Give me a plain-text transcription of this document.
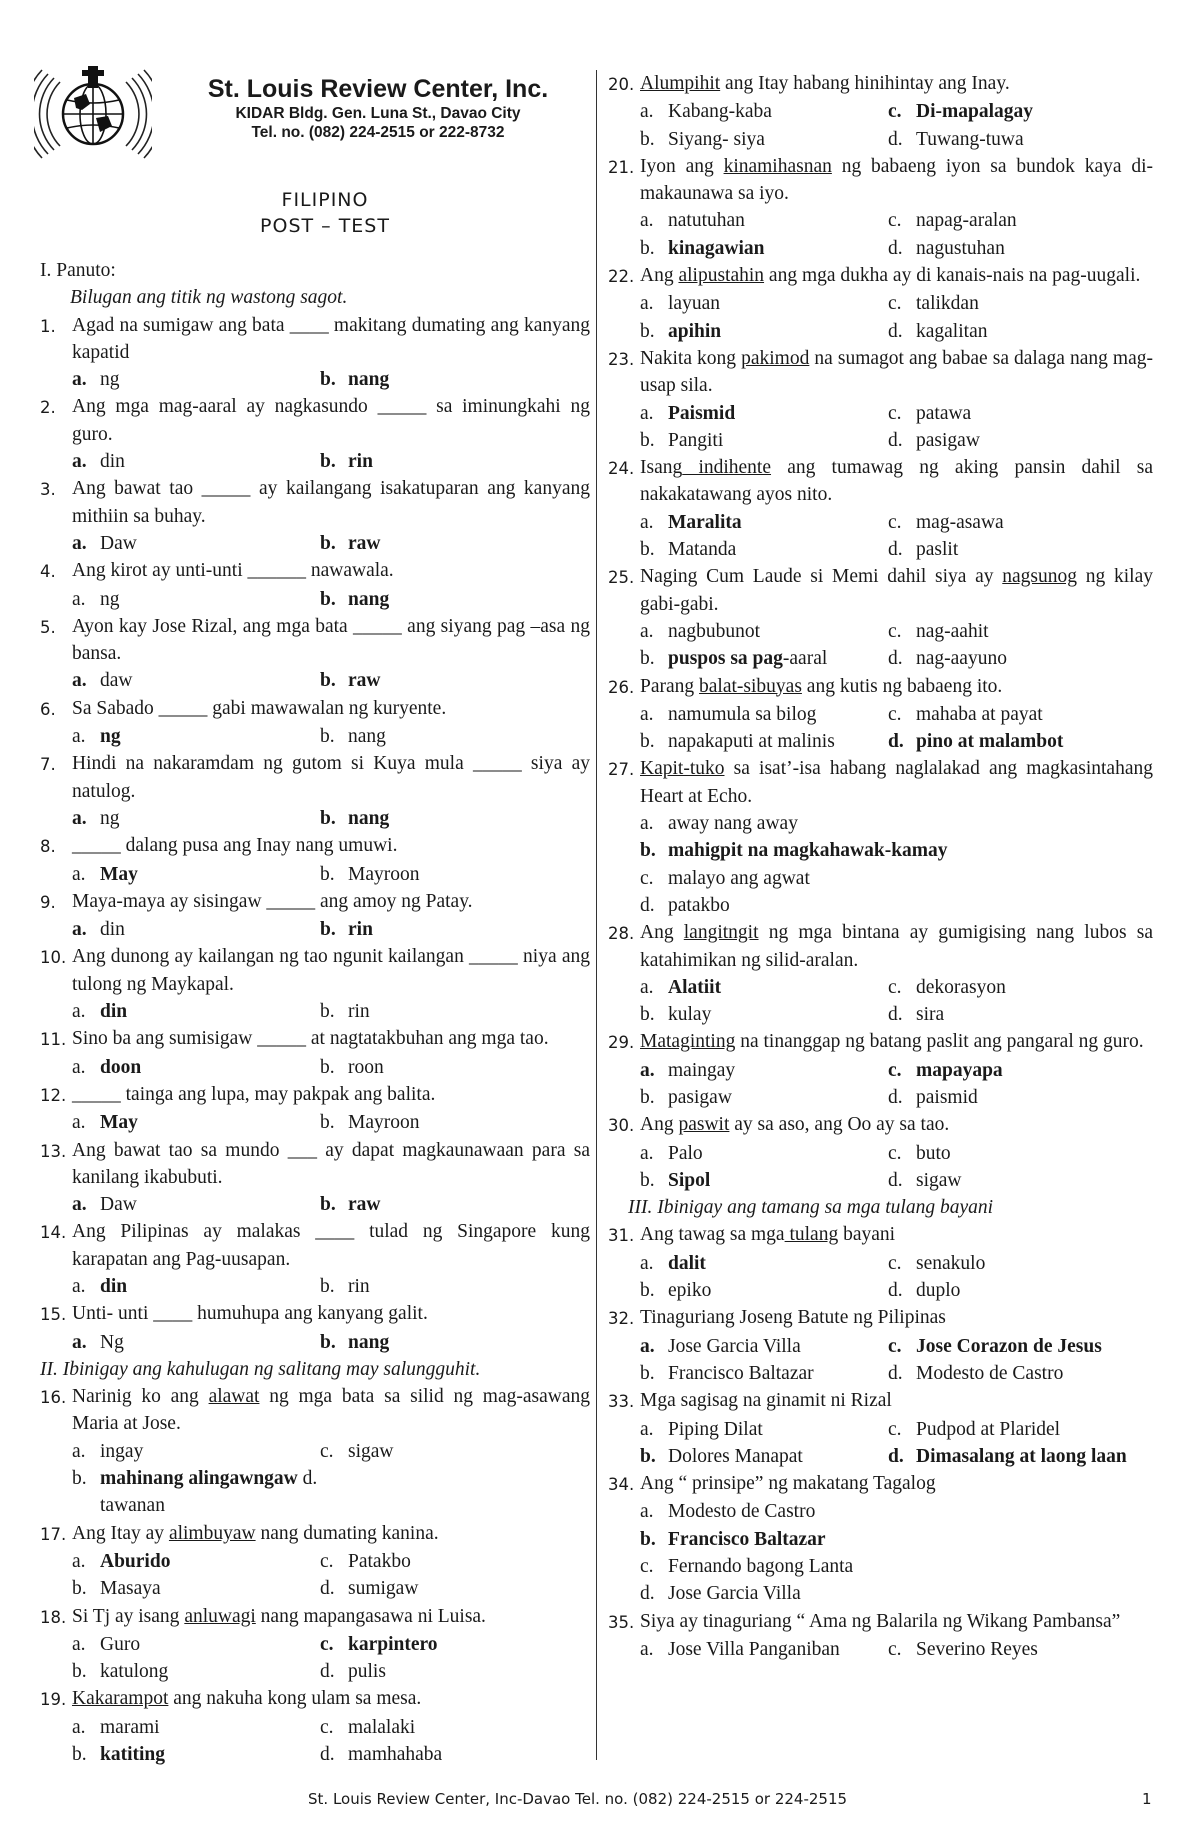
St. Louis Review Center, Inc.
KIDAR Bldg. Gen. Luna St., Davao City
Tel. no. (082) 224-2515 or 222-8732
FILIPINO
POST – TEST
I. Panuto:
Bilugan ang titik ng wastong sagot.
1. Agad na sumigaw ang bata ____ makitang dumating ang kanyang kapatid
a. ng	b. nang
2. Ang mga mag-aaral ay nagkasundo _____ sa iminungkahi ng guro.
a. din	b. rin
3. Ang bawat tao _____ ay kailangang isakatuparan ang kanyang mithiin sa buhay.
a. Daw	b. raw
4. Ang kirot ay unti-unti ______ nawawala.
a. ng	b. nang
5. Ayon kay Jose Rizal, ang mga bata _____ ang siyang pag –asa ng bansa.
a. daw	b. raw
6. Sa Sabado _____ gabi mawawalan ng kuryente.
a. ng	b. nang
7. Hindi na nakaramdam ng gutom si Kuya mula _____ siya ay natulog.
a. ng	b. nang
8. _____ dalang pusa ang Inay nang umuwi.
a. May	b. Mayroon
9. Maya-maya ay sisingaw _____ ang amoy ng Patay.
a. din	b. rin
10. Ang dunong ay kailangan ng tao ngunit kailangan _____ niya ang tulong ng Maykapal.
a. din	b. rin
11. Sino ba ang sumisigaw _____ at nagtatakbuhan ang mga tao.
a. doon	b. roon
12. _____ tainga ang lupa, may pakpak ang balita.
a. May	b. Mayroon
13. Ang bawat tao sa mundo ___ ay dapat magkaunawaan para sa kanilang ikabubuti.
a. Daw	b. raw
14. Ang Pilipinas ay malakas ____ tulad ng Singapore kung karapatan ang Pag-uusapan.
a. din	b. rin
15. Unti- unti ____ humuhupa ang kanyang galit.
a. Ng	b. nang
II. Ibinigay ang kahulugan ng salitang may salungguhit.
16. Narinig ko ang alawat ng mga bata sa silid ng mag-asawang Maria at Jose.
a. ingay	c. sigaw
b. mahinang alingawngaw d. tawanan
17. Ang Itay ay alimbuyaw nang dumating kanina.
a. Aburido	c. Patakbo
b. Masaya	d. sumigaw
18. Si Tj ay isang anluwagi nang mapangasawa ni Luisa.
a. Guro	c. karpintero
b. katulong	d. pulis
19. Kakarampot ang nakuha kong ulam sa mesa.
a. marami	c. malalaki
b. katiting	d. mamhahaba
20. Alumpihit ang Itay habang hinihintay ang Inay.
a. Kabang-kaba	c. Di-mapalagay
b. Siyang- siya	d. Tuwang-tuwa
21. Iyon ang kinamihasnan ng babaeng iyon sa bundok kaya di-makaunawa sa iyo.
a. natutuhan	c. napag-aralan
b. kinagawian	d. nagustuhan
22. Ang alipustahin ang mga dukha ay di kanais-nais na pag-uugali.
a. layuan	c. talikdan
b. apihin	d. kagalitan
23. Nakita kong pakimod na sumagot ang babae sa dalaga nang mag-usap sila.
a. Paismid	c. patawa
b. Pangiti	d. pasigaw
24. Isang indihente ang tumawag ng aking pansin dahil sa nakakatawang ayos nito.
a. Maralita	c. mag-asawa
b. Matanda	d. paslit
25. Naging Cum Laude si Memi dahil siya ay nagsunog ng kilay gabi-gabi.
a. nagbubunot	c. nag-aahit
b. puspos sa pag-aaral	d. nag-aayuno
26. Parang balat-sibuyas ang kutis ng babaeng ito.
a. namumula sa bilog	c. mahaba at payat
b. napakaputi at malinis	d. pino at malambot
27. Kapit-tuko sa isat’-isa habang naglalakad ang magkasintahang Heart at Echo.
a. away nang away
b. mahigpit na magkahawak-kamay
c. malayo ang agwat
d. patakbo
28. Ang langitngit ng mga bintana ay gumigising nang lubos sa katahimikan ng silid-aralan.
a. Alatiit	c. dekorasyon
b. kulay	d. sira
29. Mataginting na tinanggap ng batang paslit ang pangaral ng guro.
a. maingay	c. mapayapa
b. pasigaw	d. paismid
30. Ang paswit ay sa aso, ang Oo ay sa tao.
a. Palo	c. buto
b. Sipol	d. sigaw
III. Ibinigay ang tamang sa mga tulang bayani
31. Ang tawag sa mga tulang bayani
a. dalit	c. senakulo
b. epiko	d. duplo
32. Tinaguriang Joseng Batute ng Pilipinas
a. Jose Garcia Villa	c. Jose Corazon de Jesus
b. Francisco Baltazar	d. Modesto de Castro
33. Mga sagisag na ginamit ni Rizal
a. Piping Dilat	c. Pudpod at Plaridel
b. Dolores Manapat	d. Dimasalang at laong laan
34. Ang “ prinsipe” ng makatang Tagalog
a. Modesto de Castro
b. Francisco Baltazar
c. Fernando bagong Lanta
d. Jose Garcia Villa
35. Siya ay tinaguriang “ Ama ng Balarila ng Wikang Pambansa”
a. Jose Villa Panganiban	c. Severino Reyes
St. Louis Review Center, Inc-Davao Tel. no. (082) 224-2515 or 224-2515	1
